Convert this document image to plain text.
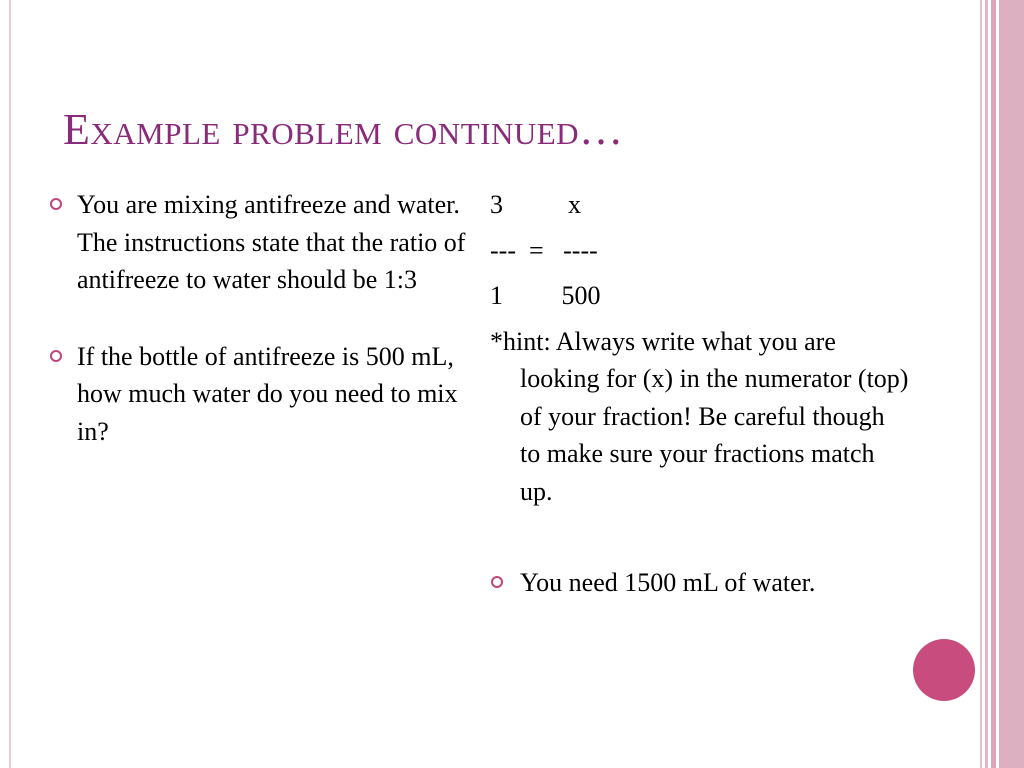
Example problem continued…
You are mixing antifreeze and water. The instructions state that the ratio of antifreeze to water should be 1:3
If the bottle of antifreeze is 500 mL, how much water do you need to mix in?
3          x
---  =   ----
1         500
*hint: Always write what you are looking for (x) in the numerator (top) of your fraction! Be careful though to make sure your fractions match up.
You need 1500 mL of water.
